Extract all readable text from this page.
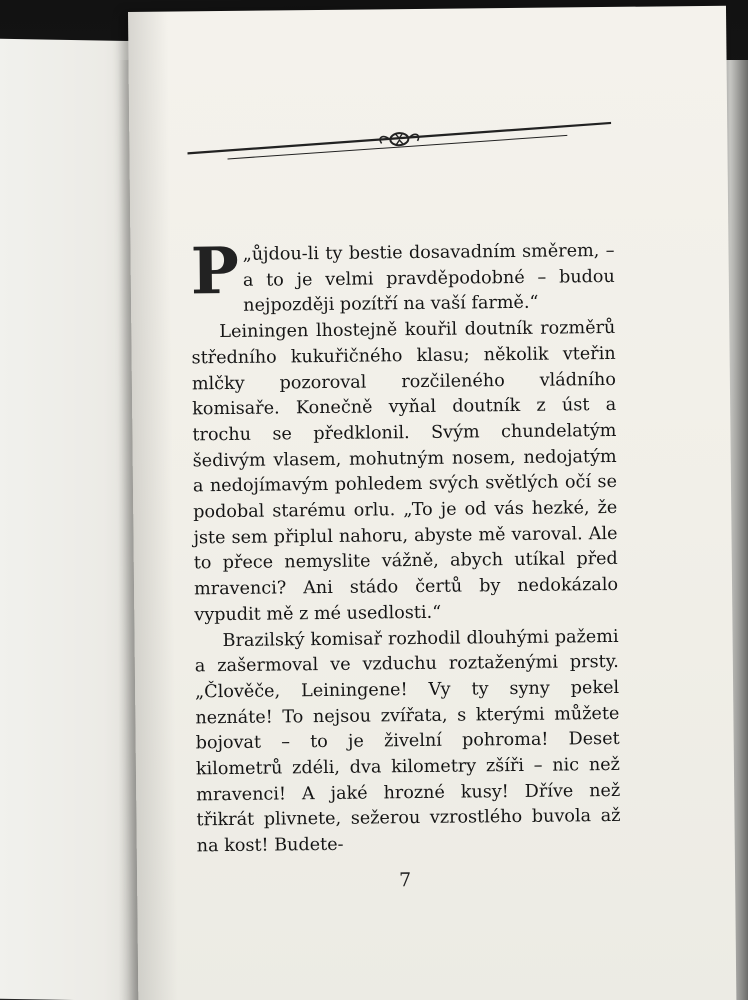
P „ůjdou-li ty bestie dosavadním směrem, – a to je velmi pravděpodobné – budou nejpozději pozítří na vaší farmě.“

Leiningen lhostejně kouřil doutník rozměrů středního kukuřičného klasu; několik vteřin mlčky pozoroval rozčileného vládního komisaře. Konečně vyňal doutník z úst a trochu se předklonil. Svým chundelatým šedivým vlasem, mohutným nosem, nedojatým a nedojímavým pohledem svých světlých očí se podobal starému orlu. „To je od vás hezké, že jste sem připlul nahoru, abyste mě varoval. Ale to přece nemyslite vážně, abych utíkal před mravenci? Ani stádo čertů by nedokázalo vypudit mě z mé usedlosti.“

Brazilský komisař rozhodil dlouhými pažemi a zašermoval ve vzduchu roztaženými prsty. „Člověče, Leiningene! Vy ty syny pekel neznáte! To nejsou zvířata, s kterými můžete bojovat – to je živelní pohroma! Deset kilometrů zdéli, dva kilometry zšíři – nic než mravenci! A jaké hrozné kusy! Dříve než třikrát plivnete, sežerou vzrostlého buvola až na kost! Budete-

7
